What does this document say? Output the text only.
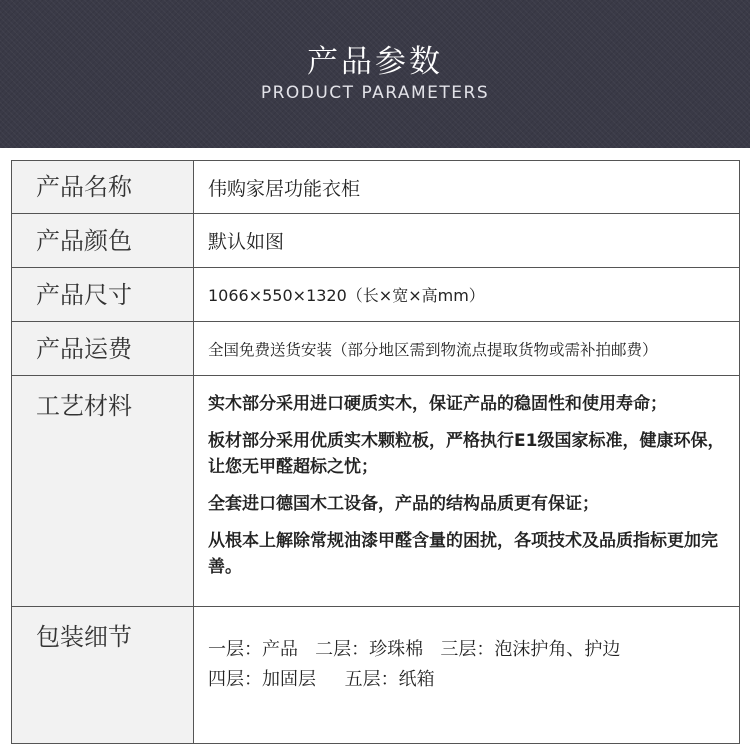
产品参数
PRODUCT PARAMETERS
产品名称	伟购家居功能衣柜
产品颜色	默认如图
产品尺寸	1066×550×1320（长×宽×高mm）
产品运费	全国免费送货安装（部分地区需到物流点提取货物或需补拍邮费）
工艺材料	实木部分采用进口硬质实木，保证产品的稳固性和使用寿命；

板材部分采用优质实木颗粒板，严格执行E1级国家标准，健康环保，让您无甲醛超标之忧；

全套进口德国木工设备，产品的结构品质更有保证；

从根本上解除常规油漆甲醛含量的困扰，各项技术及品质指标更加完善。

包装细节	一层：产品   二层：珍珠棉   三层：泡沫护角、护边
四层：加固层     五层：纸箱
